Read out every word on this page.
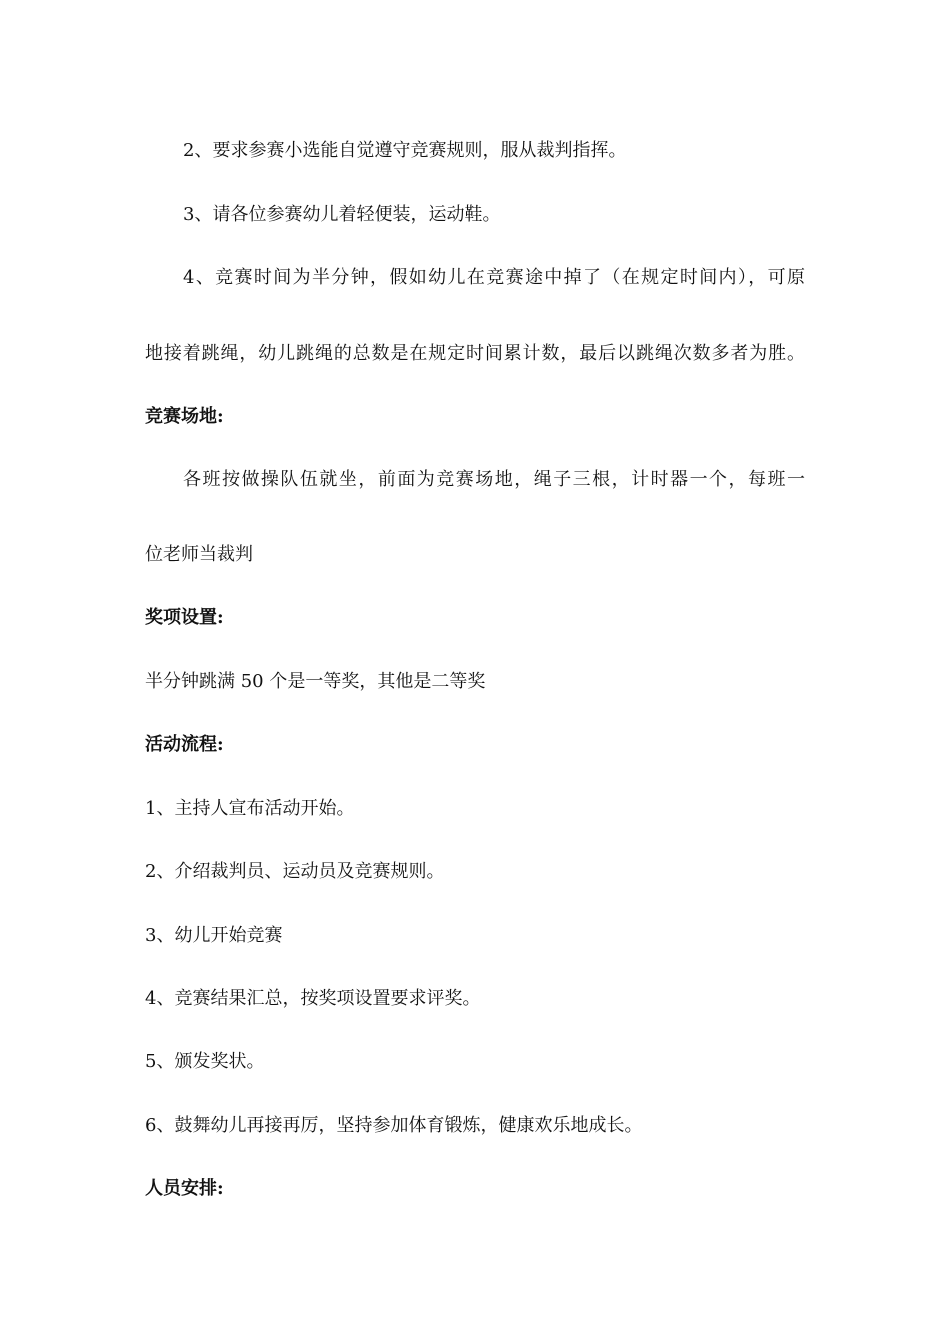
2、要求参赛小选能自觉遵守竞赛规则，服从裁判指挥。

3、请各位参赛幼儿着轻便装，运动鞋。

4、竞赛时间为半分钟，假如幼儿在竞赛途中掉了（在规定时间内），可原

地接着跳绳，幼儿跳绳的总数是在规定时间累计数，最后以跳绳次数多者为胜。

竞赛场地:

各班按做操队伍就坐，前面为竞赛场地，绳子三根，计时器一个，每班一

位老师当裁判

奖项设置:

半分钟跳满 50 个是一等奖，其他是二等奖

活动流程:

1、主持人宣布活动开始。

2、介绍裁判员、运动员及竞赛规则。

3、幼儿开始竞赛

4、竞赛结果汇总，按奖项设置要求评奖。

5、颁发奖状。

6、鼓舞幼儿再接再厉，坚持参加体育锻炼，健康欢乐地成长。

人员安排:
